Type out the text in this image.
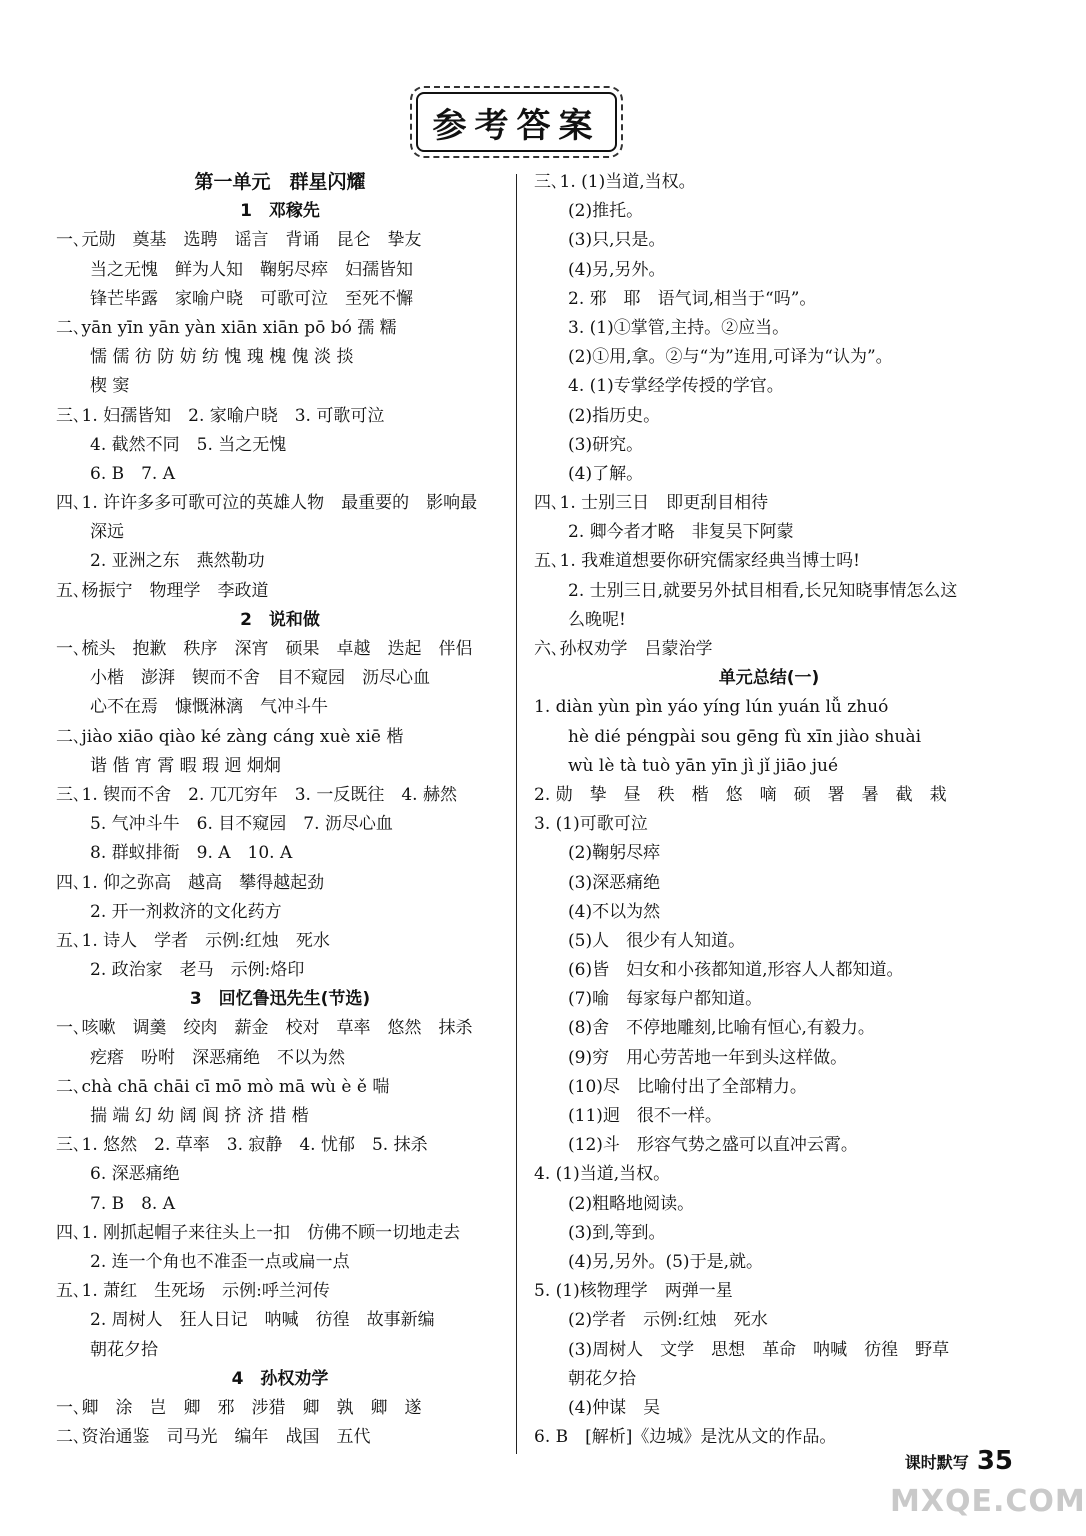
参考答案
第一单元　群星闪耀
1　邓稼先
一､元勋　奠基　选聘　谣言　背诵　昆仑　挚友
当之无愧　鲜为人知　鞠躬尽瘁　妇孺皆知
锋芒毕露　家喻户晓　可歌可泣　至死不懈
二､yān yīn yān yàn xiān xiān pō bó 孺 糯
懦 儒 彷 防 妨 纺 愧 瑰 槐 傀 淡 掞
楔 窦
三､1. 妇孺皆知　2. 家喻户晓　3. 可歌可泣
4. 截然不同　5. 当之无愧
6. B　7. A
四､1. 许许多多可歌可泣的英雄人物　最重要的　影响最
深远
2. 亚洲之东　燕然勒功
五､杨振宁　物理学　李政道
2　说和做
一､梳头　抱歉　秩序　深宵　硕果　卓越　迭起　伴侣
小楷　澎湃　锲而不舍　目不窥园　沥尽心血
心不在焉　慷慨淋漓　气冲斗牛
二､jiào xiāo qiào ké zàng cáng xuè xiē 楷
谐 偕 宵 霄 暇 瑕 迥 炯炯
三､1. 锲而不舍　2. 兀兀穷年　3. 一反既往　4. 赫然
5. 气冲斗牛　6. 目不窥园　7. 沥尽心血
8. 群蚁排衙　9. A　10. A
四､1. 仰之弥高　越高　攀得越起劲
2. 开一剂救济的文化药方
五､1. 诗人　学者　示例:红烛　死水
2. 政治家　老马　示例:烙印
3　回忆鲁迅先生(节选)
一､咳嗽　调羹　绞肉　薪金　校对　草率　悠然　抹杀
疙瘩　吩咐　深恶痛绝　不以为然
二､chà chā chāi cī mō mò mā wù è ě 喘
揣 端 幻 幼 阔 阆 挤 济 措 楷
三､1. 悠然　2. 草率　3. 寂静　4. 忧郁　5. 抹杀
6. 深恶痛绝
7. B　8. A
四､1. 刚抓起帽子来往头上一扣　仿佛不顾一切地走去
2. 连一个角也不准歪一点或扁一点
五､1. 萧红　生死场　示例:呼兰河传
2. 周树人　狂人日记　呐喊　彷徨　故事新编
朝花夕拾
4　孙权劝学
一､卿　涂　岂　卿　邪　涉猎　卿　孰　卿　遂
二､资治通鉴　司马光　编年　战国　五代
三､1. (1)当道,当权。
(2)推托。
(3)只,只是。
(4)另,另外。
2. 邪　耶　语气词,相当于“吗”。
3. (1)①掌管,主持。②应当。
(2)①用,拿。②与“为”连用,可译为“认为”。
4. (1)专掌经学传授的学官。
(2)指历史。
(3)研究。
(4)了解。
四､1. 士别三日　即更刮目相待
2. 卿今者才略　非复吴下阿蒙
五､1. 我难道想要你研究儒家经典当博士吗!
2. 士别三日,就要另外拭目相看,长兄知晓事情怎么这
么晚呢!
六､孙权劝学　吕蒙治学
单元总结(一)
1. diàn yùn pìn yáo yíng lún yuán lǚ zhuó
hè dié péngpài sou gēng fù xīn jiào shuài
wù lè tà tuò yān yīn jì jǐ jiāo jué
2. 勋　挚　昼　秩　楷　悠　嘀　硕　署　暑　截　栽
3. (1)可歌可泣
(2)鞠躬尽瘁
(3)深恶痛绝
(4)不以为然
(5)人　很少有人知道。
(6)皆　妇女和小孩都知道,形容人人都知道。
(7)喻　每家每户都知道。
(8)舍　不停地雕刻,比喻有恒心,有毅力。
(9)穷　用心劳苦地一年到头这样做。
(10)尽　比喻付出了全部精力。
(11)迥　很不一样。
(12)斗　形容气势之盛可以直冲云霄。
4. (1)当道,当权。
(2)粗略地阅读。
(3)到,等到。
(4)另,另外。(5)于是,就。
5. (1)核物理学　两弹一星
(2)学者　示例:红烛　死水
(3)周树人　文学　思想　革命　呐喊　彷徨　野草
朝花夕拾
(4)仲谋　吴
6. B　[解析]《边城》是沈从文的作品。
课时默写 35
MXQE.COM
